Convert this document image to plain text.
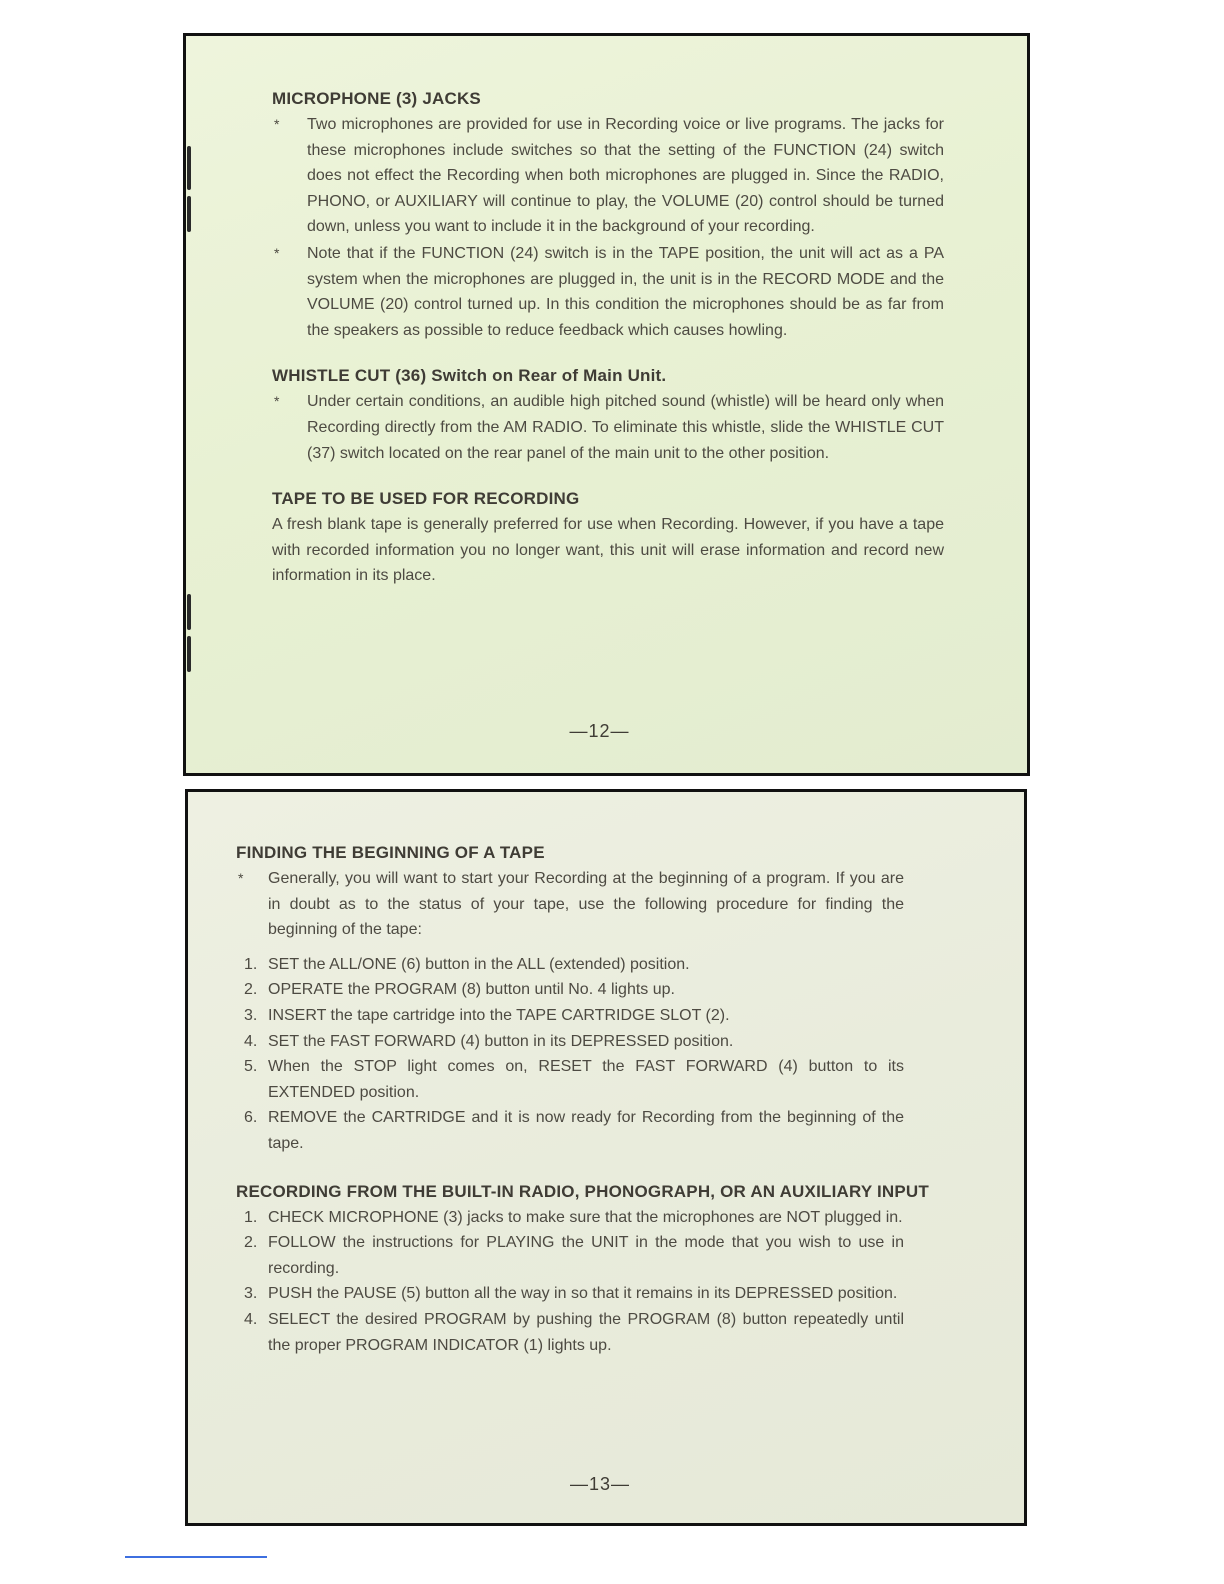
MICROPHONE (3) JACKS
* Two microphones are provided for use in Recording voice or live programs. The jacks for these microphones include switches so that the setting of the FUNCTION (24) switch does not effect the Recording when both microphones are plugged in. Since the RADIO, PHONO, or AUXILIARY will continue to play, the VOLUME (20) control should be turned down, unless you want to include it in the background of your recording.
* Note that if the FUNCTION (24) switch is in the TAPE position, the unit will act as a PA system when the microphones are plugged in, the unit is in the RECORD MODE and the VOLUME (20) control turned up. In this condition the microphones should be as far from the speakers as possible to reduce feedback which causes howling.
WHISTLE CUT (36) Switch on Rear of Main Unit.
* Under certain conditions, an audible high pitched sound (whistle) will be heard only when Recording directly from the AM RADIO. To eliminate this whistle, slide the WHISTLE CUT (37) switch located on the rear panel of the main unit to the other position.
TAPE TO BE USED FOR RECORDING

A fresh blank tape is generally preferred for use when Recording. However, if you have a tape with recorded information you no longer want, this unit will erase information and record new information in its place.

—12—
FINDING THE BEGINNING OF A TAPE
* Generally, you will want to start your Recording at the beginning of a program. If you are in doubt as to the status of your tape, use the following procedure for finding the beginning of the tape:
1. SET the ALL/ONE (6) button in the ALL (extended) position.
2. OPERATE the PROGRAM (8) button until No. 4 lights up.
3. INSERT the tape cartridge into the TAPE CARTRIDGE SLOT (2).
4. SET the FAST FORWARD (4) button in its DEPRESSED position.
5. When the STOP light comes on, RESET the FAST FORWARD (4) button to its EXTENDED position.
6. REMOVE the CARTRIDGE and it is now ready for Recording from the beginning of the tape.
RECORDING FROM THE BUILT-IN RADIO, PHONOGRAPH, OR AN AUXILIARY INPUT
1. CHECK MICROPHONE (3) jacks to make sure that the microphones are NOT plugged in.
2. FOLLOW the instructions for PLAYING the UNIT in the mode that you wish to use in recording.
3. PUSH the PAUSE (5) button all the way in so that it remains in its DEPRESSED position.
4. SELECT the desired PROGRAM by pushing the PROGRAM (8) button repeatedly until the proper PROGRAM INDICATOR (1) lights up.
—13—
